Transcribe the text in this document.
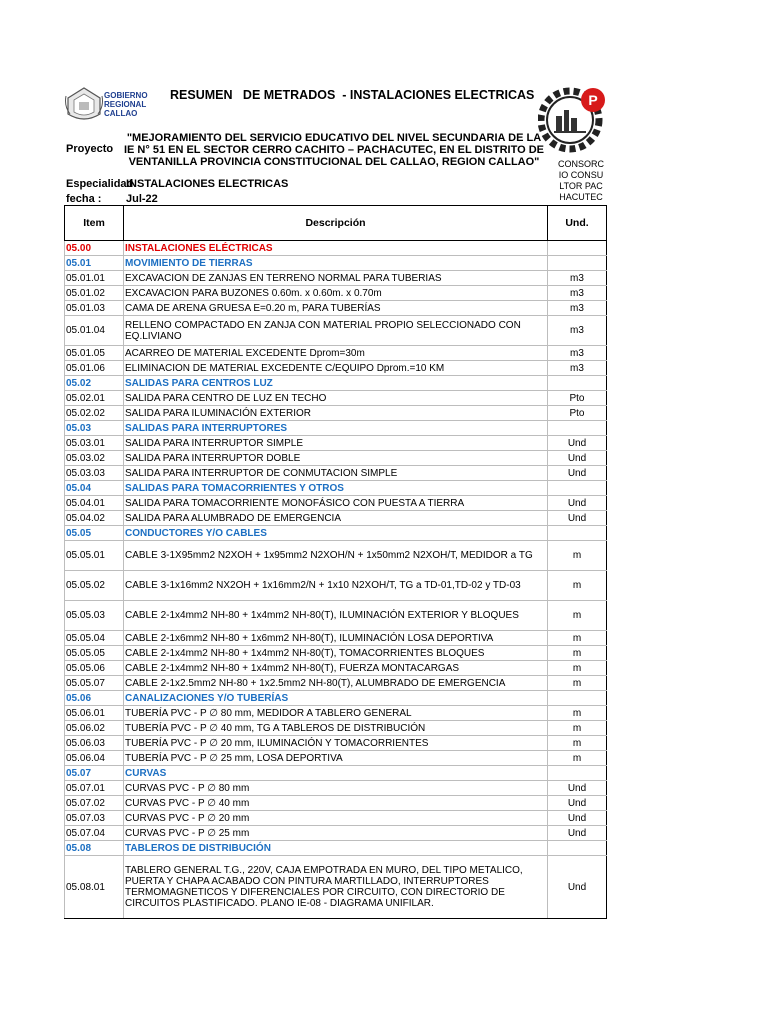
GOBIERNO
REGIONAL
CALLAO
RESUMEN   DE METRADOS  - INSTALACIONES ELECTRICAS	P
Proyecto
"MEJORAMIENTO DEL SERVICIO EDUCATIVO DEL NIVEL SECUNDARIA DE LA IE N° 51 EN EL SECTOR CERRO CACHITO – PACHACUTEC, EN EL DISTRITO DE VENTANILLA PROVINCIA CONSTITUCIONAL DEL CALLAO, REGION CALLAO"	CONSORCIO CONSULTOR PACHACUTEC
Especialidad
INSTALACIONES ELECTRICAS
fecha : Jul-22
Item	Descripción	Und.
05.00	INSTALACIONES ELÉCTRICAS	
05.01	MOVIMIENTO DE TIERRAS	
05.01.01	EXCAVACION DE ZANJAS EN TERRENO NORMAL PARA TUBERIAS	m3
05.01.02	EXCAVACION PARA BUZONES 0.60m. x 0.60m. x 0.70m	m3
05.01.03	CAMA DE ARENA GRUESA E=0.20 m, PARA TUBERÍAS	m3
05.01.04	RELLENO COMPACTADO EN ZANJA CON MATERIAL PROPIO SELECCIONADO CON EQ.LIVIANO	m3
05.01.05	ACARREO DE MATERIAL EXCEDENTE Dprom=30m	m3
05.01.06	ELIMINACION DE MATERIAL EXCEDENTE C/EQUIPO Dprom.=10 KM	m3
05.02	SALIDAS PARA CENTROS LUZ	
05.02.01	SALIDA PARA CENTRO DE LUZ EN TECHO	Pto
05.02.02	SALIDA PARA ILUMINACIÓN EXTERIOR	Pto
05.03	SALIDAS PARA INTERRUPTORES	
05.03.01	SALIDA PARA INTERRUPTOR SIMPLE	Und
05.03.02	SALIDA PARA INTERRUPTOR DOBLE	Und
05.03.03	SALIDA PARA INTERRUPTOR DE CONMUTACION SIMPLE	Und
05.04	SALIDAS PARA TOMACORRIENTES Y OTROS	
05.04.01	SALIDA PARA TOMACORRIENTE MONOFÁSICO CON PUESTA A TIERRA	Und
05.04.02	SALIDA PARA ALUMBRADO DE EMERGENCIA	Und
05.05	CONDUCTORES Y/O CABLES	
05.05.01	CABLE 3-1X95mm2 N2XOH + 1x95mm2 N2XOH/N + 1x50mm2 N2XOH/T, MEDIDOR a TG	m
05.05.02	CABLE 3-1x16mm2 NX2OH + 1x16mm2/N + 1x10 N2XOH/T, TG a TD-01,TD-02 y TD-03	m
05.05.03	CABLE 2-1x4mm2 NH-80 + 1x4mm2 NH-80(T), ILUMINACIÓN EXTERIOR Y BLOQUES	m
05.05.04	CABLE 2-1x6mm2 NH-80 + 1x6mm2 NH-80(T), ILUMINACIÓN LOSA DEPORTIVA	m
05.05.05	CABLE 2-1x4mm2 NH-80 + 1x4mm2 NH-80(T), TOMACORRIENTES BLOQUES	m
05.05.06	CABLE 2-1x4mm2 NH-80 + 1x4mm2 NH-80(T), FUERZA MONTACARGAS	m
05.05.07	CABLE 2-1x2.5mm2 NH-80 + 1x2.5mm2 NH-80(T), ALUMBRADO DE EMERGENCIA	m
05.06	CANALIZACIONES Y/O TUBERÍAS	
05.06.01	TUBERÍA PVC - P ∅ 80 mm, MEDIDOR A TABLERO GENERAL	m
05.06.02	TUBERÍA PVC - P ∅ 40 mm, TG A TABLEROS DE DISTRIBUCIÓN	m
05.06.03	TUBERÍA PVC - P ∅ 20 mm, ILUMINACIÓN Y TOMACORRIENTES	m
05.06.04	TUBERÍA PVC - P ∅ 25 mm, LOSA DEPORTIVA	m
05.07	CURVAS	
05.07.01	CURVAS PVC - P ∅ 80 mm	Und
05.07.02	CURVAS PVC - P ∅ 40 mm	Und
05.07.03	CURVAS PVC - P ∅ 20 mm	Und
05.07.04	CURVAS PVC - P ∅ 25 mm	Und
05.08	TABLEROS DE DISTRIBUCIÓN	
05.08.01	TABLERO GENERAL T.G., 220V, CAJA EMPOTRADA EN MURO, DEL TIPO METALICO, PUERTA Y CHAPA ACABADO CON PINTURA MARTILLADO, INTERRUPTORES TERMOMAGNETICOS Y DIFERENCIALES POR CIRCUITO, CON DIRECTORIO DE CIRCUITOS PLASTIFICADO. PLANO IE-08 - DIAGRAMA UNIFILAR.	Und
